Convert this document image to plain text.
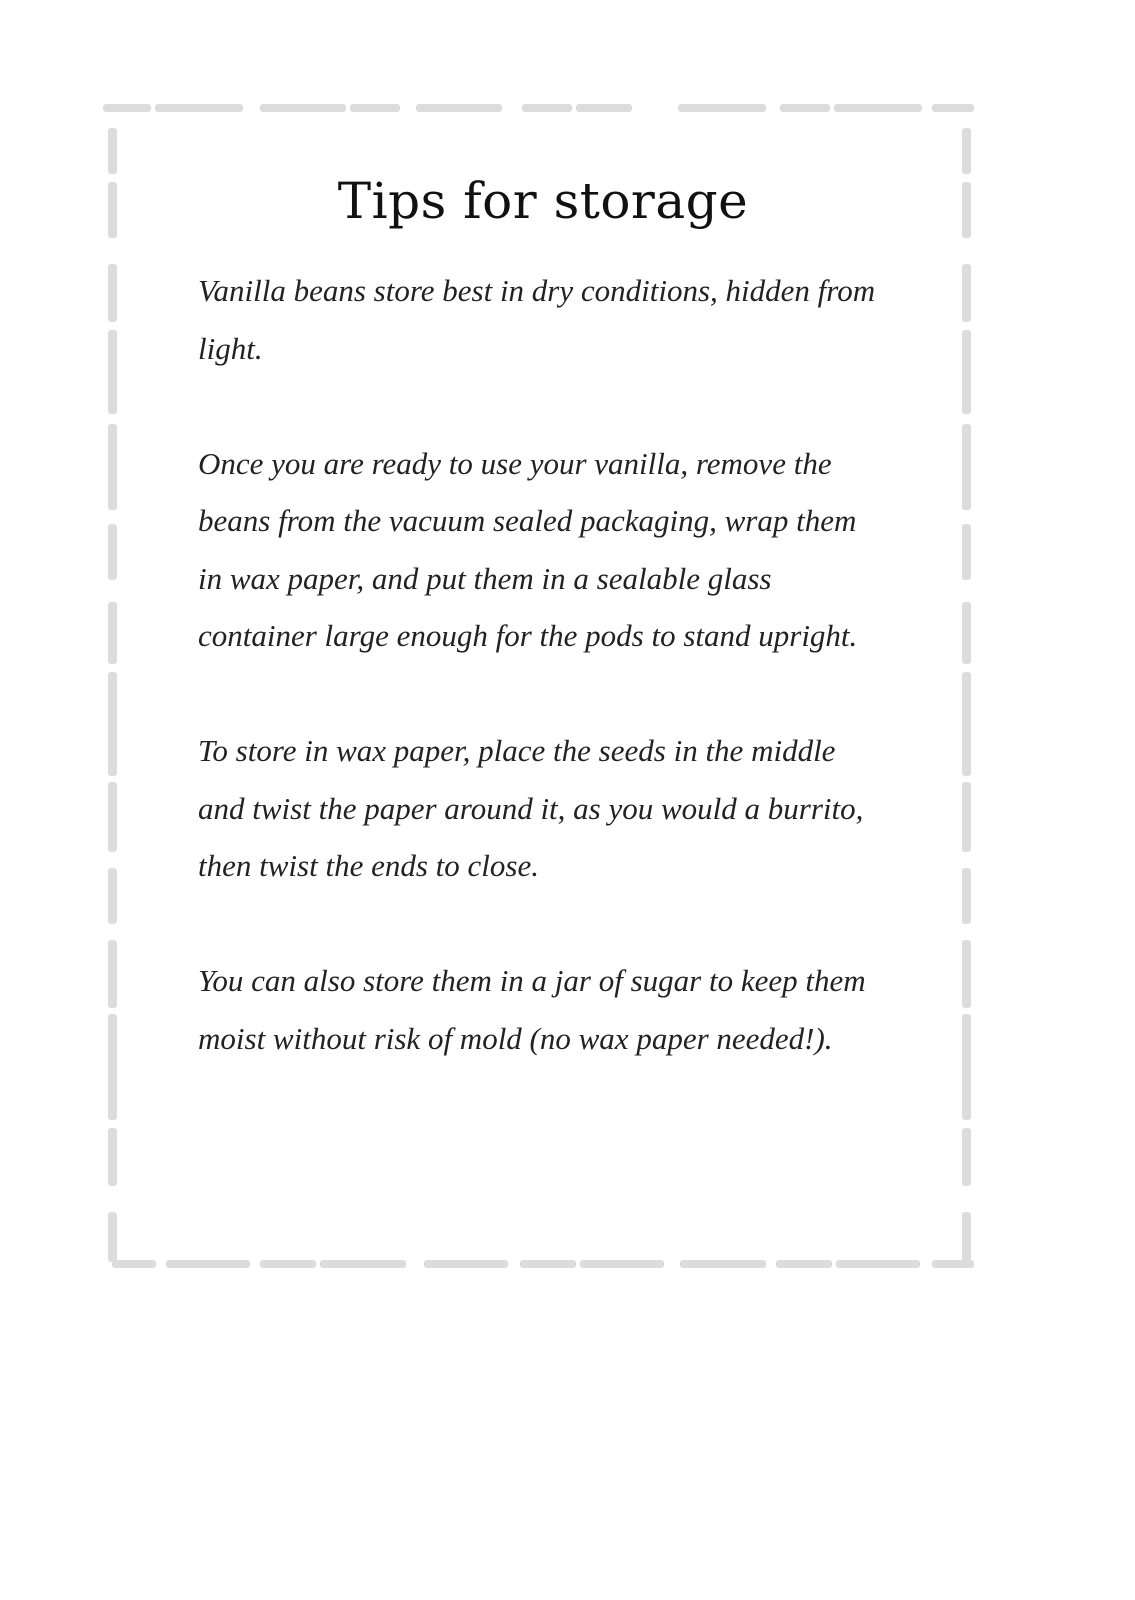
Tips for storage

Vanilla beans store best in dry conditions, hidden from light.

Once you are ready to use your vanilla, remove the beans from the vacuum sealed packaging, wrap them in wax paper, and put them in a sealable glass container large enough for the pods to stand upright.

To store in wax paper, place the seeds in the middle and twist the paper around it, as you would a burrito, then twist the ends to close.

You can also store them in a jar of sugar to keep them moist without risk of mold (no wax paper needed!).
